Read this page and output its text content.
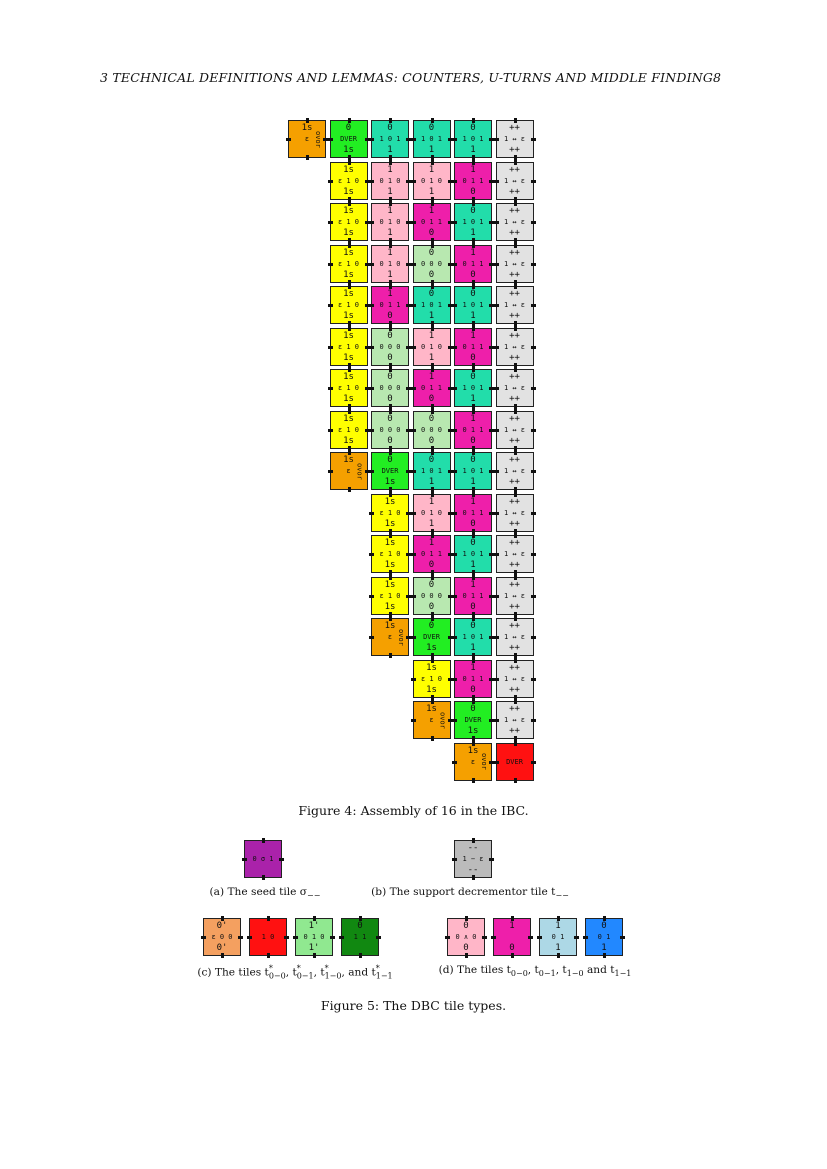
3 TECHNICAL DEFINITIONS AND LEMMAS: COUNTERS, U-TURNS AND MIDDLE FINDING8
1s
ε ovor
0
DVER
1s
0
1 0 1
1
0
1 0 1
1
0
1 0 1
1
++
1 ↔ ε
++
1s
ε 1 0
1s
1
0 1 0
1
1
0 1 0
1
1
0 1 1
0
++
1 ↔ ε
++
1s
ε 1 0
1s
1
0 1 0
1
1
0 1 1
0
0
1 0 1
1
++
1 ↔ ε
++
1s
ε 1 0
1s
1
0 1 0
1
0
0 0 0
0
1
0 1 1
0
++
1 ↔ ε
++
1s
ε 1 0
1s
1
0 1 1
0
0
1 0 1
1
0
1 0 1
1
++
1 ↔ ε
++
1s
ε 1 0
1s
0
0 0 0
0
1
0 1 0
1
1
0 1 1
0
++
1 ↔ ε
++
1s
ε 1 0
1s
0
0 0 0
0
1
0 1 1
0
0
1 0 1
1
++
1 ↔ ε
++
1s
ε 1 0
1s
0
0 0 0
0
0
0 0 0
0
1
0 1 1
0
++
1 ↔ ε
++
1s
ε ovor
0
DVER
1s
0
1 0 1
1
0
1 0 1
1
++
1 ↔ ε
++
1s
ε 1 0
1s
1
0 1 0
1
1
0 1 1
0
++
1 ↔ ε
++
1s
ε 1 0
1s
1
0 1 1
0
0
1 0 1
1
++
1 ↔ ε
++
1s
ε 1 0
1s
0
0 0 0
0
1
0 1 1
0
++
1 ↔ ε
++
1s
ε ovor
0
DVER
1s
0
1 0 1
1
++
1 ↔ ε
++
1s
ε 1 0
1s
1
0 1 1
0
++
1 ↔ ε
++
1s
ε ovor
0
DVER
1s
++
1 ↔ ε
++
1s
ε ovor	DVER
Figure 4: Assembly of 16 in the IBC.
0 σ 1
(a) The seed tile $\sigma_{--}$
--
1 − ε
--
(b) The support decrementor tile $t_{--}$
0'
ε 0 0
0'
1 0
1'
0 1 0
1'
0
1 1
(c) The tiles $t^*_{0-0}$, $t^*_{0-1}$, $t^*_{1-0}$, and $t^*_{1-1}$
0
0 ∧ 0
0
1
0
1
0 1
1
0
0 1
1
(d) The tiles $t_{0-0}$, $t_{0-1}$, $t_{1-0}$ and $t_{1-1}$
Figure 5: The DBC tile types.
